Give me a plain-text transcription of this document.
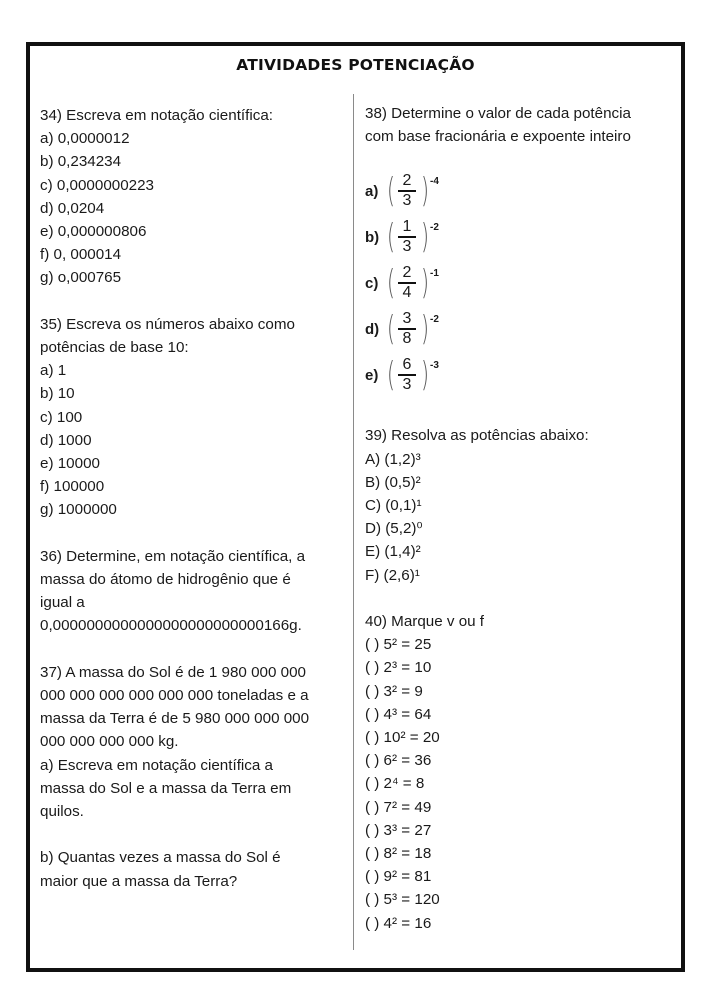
ATIVIDADES POTENCIAÇÃO
34) Escreva em notação científica:
a) 0,0000012
b) 0,234234
c) 0,0000000223
d) 0,0204
e) 0,000000806
f) 0, 000014
g) o,000765
35) Escreva os números abaixo como
potências de base 10:
a) 1
b) 10
c) 100
d) 1000
e) 10000
f) 100000
g) 1000000
36) Determine, em notação científica, a
massa do átomo de hidrogênio que é
igual a
0,0000000000000000000000000166g.
37) A massa do Sol é de 1 980 000 000
000 000 000 000 000 000 toneladas e a
massa da Terra é de 5 980 000 000 000
000 000 000 000 kg.
a) Escreva em notação científica a
massa do Sol e a massa da Terra em
quilos.
b) Quantas vezes a massa do Sol é
maior que a massa da Terra?
38) Determine o valor de cada potência
com base fracionária e expoente inteiro
a) ( $\frac{2}{3}$ ) -4
b) ( $\frac{1}{3}$ ) -2
c) ( $\frac{2}{4}$ ) -1
d) ( $\frac{3}{8}$ ) -2
e) ( $\frac{6}{3}$ ) -3
39) Resolva as potências abaixo:
A) (1,2)³
B) (0,5)²
C) (0,1)¹
D) (5,2)⁰
E) (1,4)²
F) (2,6)¹
40) Marque v ou f
( ) 5² = 25
( ) 2³ = 10
( ) 3² = 9
( ) 4³ = 64
( ) 10² = 20
( ) 6² = 36
( ) 2⁴ = 8
( ) 7² = 49
( ) 3³ = 27
( ) 8² = 18
( ) 9² = 81
( ) 5³ = 120
( ) 4² = 16
